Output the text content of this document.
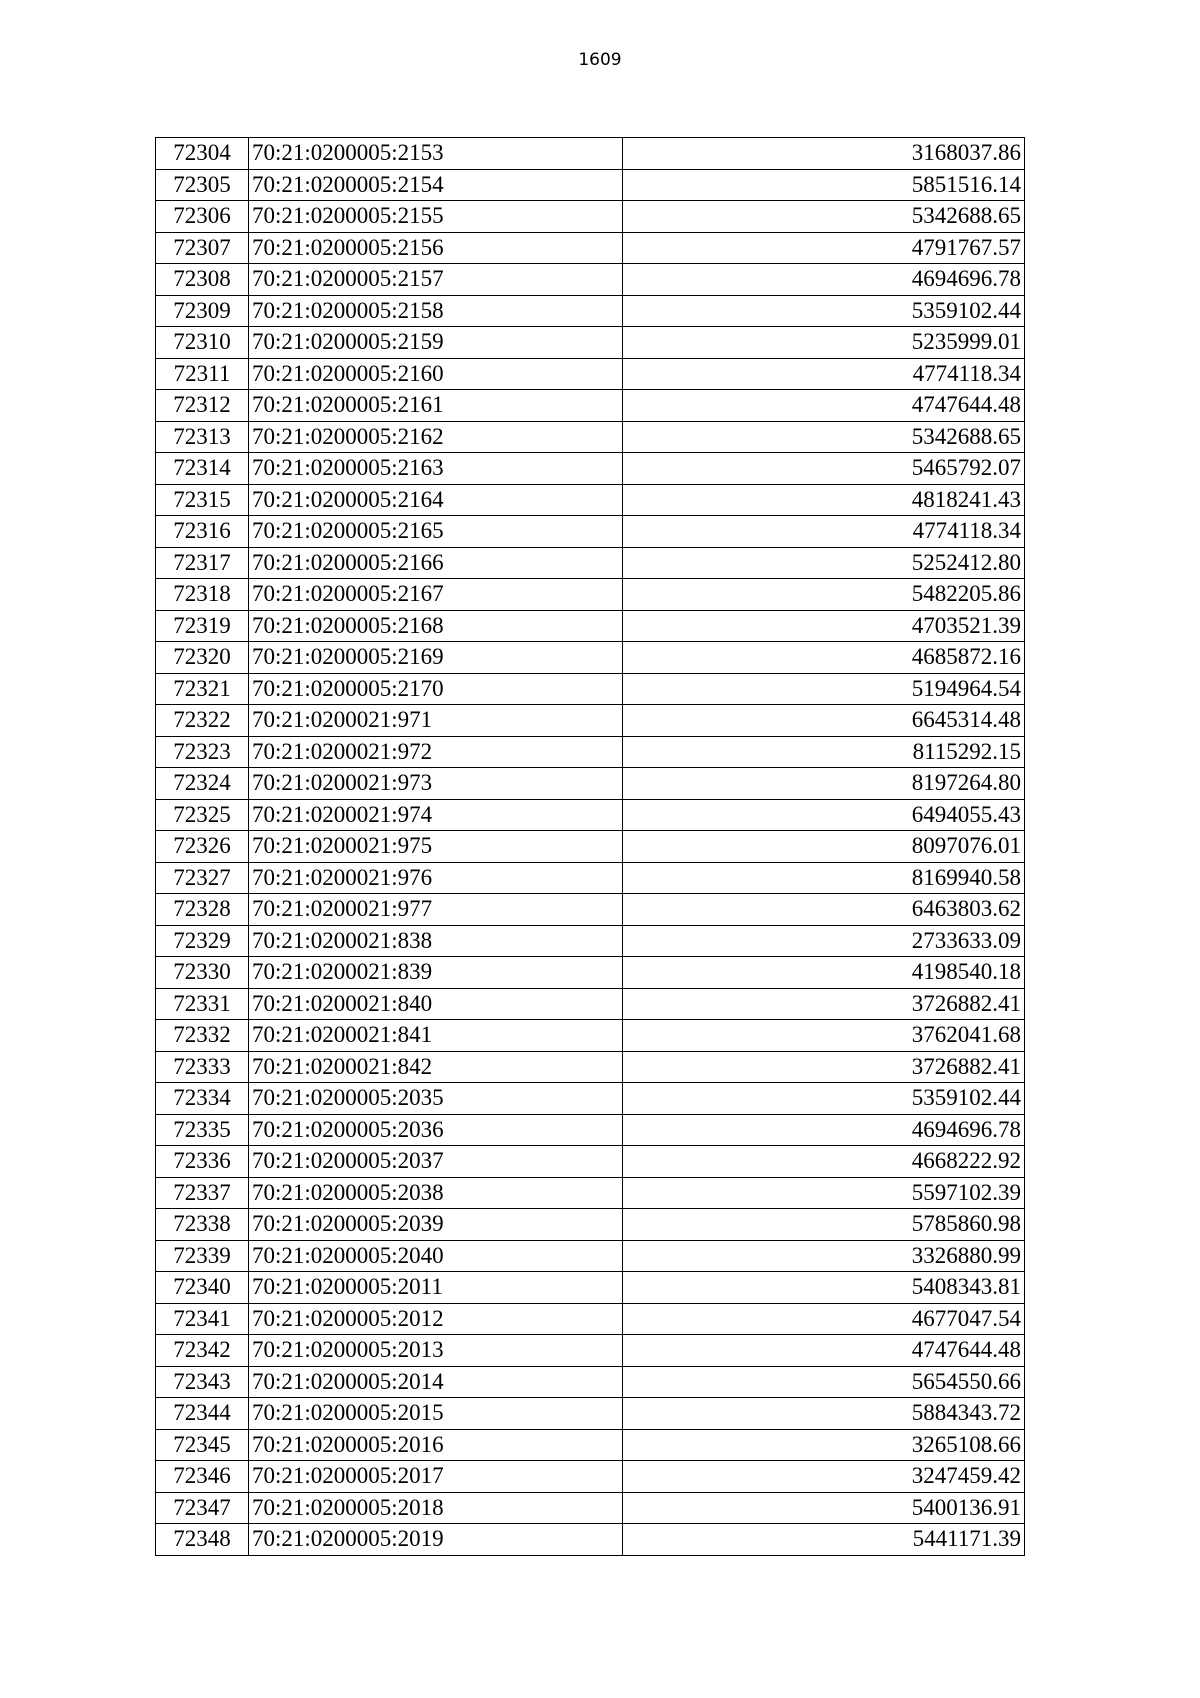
1609
72304	70:21:0200005:2153	3168037.86
72305	70:21:0200005:2154	5851516.14
72306	70:21:0200005:2155	5342688.65
72307	70:21:0200005:2156	4791767.57
72308	70:21:0200005:2157	4694696.78
72309	70:21:0200005:2158	5359102.44
72310	70:21:0200005:2159	5235999.01
72311	70:21:0200005:2160	4774118.34
72312	70:21:0200005:2161	4747644.48
72313	70:21:0200005:2162	5342688.65
72314	70:21:0200005:2163	5465792.07
72315	70:21:0200005:2164	4818241.43
72316	70:21:0200005:2165	4774118.34
72317	70:21:0200005:2166	5252412.80
72318	70:21:0200005:2167	5482205.86
72319	70:21:0200005:2168	4703521.39
72320	70:21:0200005:2169	4685872.16
72321	70:21:0200005:2170	5194964.54
72322	70:21:0200021:971	6645314.48
72323	70:21:0200021:972	8115292.15
72324	70:21:0200021:973	8197264.80
72325	70:21:0200021:974	6494055.43
72326	70:21:0200021:975	8097076.01
72327	70:21:0200021:976	8169940.58
72328	70:21:0200021:977	6463803.62
72329	70:21:0200021:838	2733633.09
72330	70:21:0200021:839	4198540.18
72331	70:21:0200021:840	3726882.41
72332	70:21:0200021:841	3762041.68
72333	70:21:0200021:842	3726882.41
72334	70:21:0200005:2035	5359102.44
72335	70:21:0200005:2036	4694696.78
72336	70:21:0200005:2037	4668222.92
72337	70:21:0200005:2038	5597102.39
72338	70:21:0200005:2039	5785860.98
72339	70:21:0200005:2040	3326880.99
72340	70:21:0200005:2011	5408343.81
72341	70:21:0200005:2012	4677047.54
72342	70:21:0200005:2013	4747644.48
72343	70:21:0200005:2014	5654550.66
72344	70:21:0200005:2015	5884343.72
72345	70:21:0200005:2016	3265108.66
72346	70:21:0200005:2017	3247459.42
72347	70:21:0200005:2018	5400136.91
72348	70:21:0200005:2019	5441171.39
